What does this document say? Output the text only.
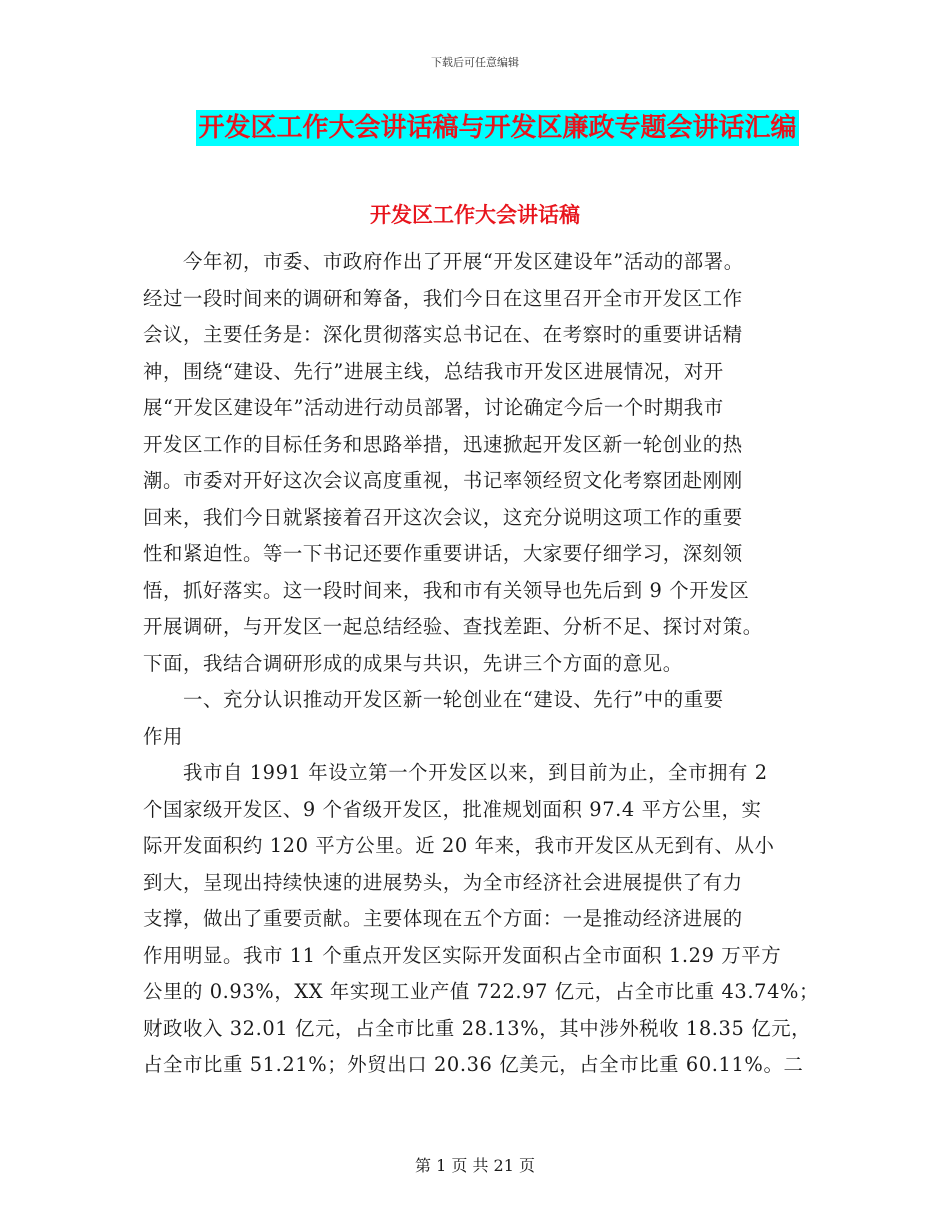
下载后可任意编辑
开发区工作大会讲话稿与开发区廉政专题会讲话汇编
开发区工作大会讲话稿
　　今年初，市委、市政府作出了开展“开发区建设年”活动的部署。
经过一段时间来的调研和筹备，我们今日在这里召开全市开发区工作
会议，主要任务是：深化贯彻落实总书记在、在考察时的重要讲话精
神，围绕“建设、先行”进展主线，总结我市开发区进展情况，对开
展“开发区建设年”活动进行动员部署，讨论确定今后一个时期我市
开发区工作的目标任务和思路举措，迅速掀起开发区新一轮创业的热
潮。市委对开好这次会议高度重视，书记率领经贸文化考察团赴刚刚
回来，我们今日就紧接着召开这次会议，这充分说明这项工作的重要
性和紧迫性。等一下书记还要作重要讲话，大家要仔细学习，深刻领
悟，抓好落实。这一段时间来，我和市有关领导也先后到 9 个开发区
开展调研，与开发区一起总结经验、查找差距、分析不足、探讨对策。
下面，我结合调研形成的成果与共识，先讲三个方面的意见。
　　一、充分认识推动开发区新一轮创业在“建设、先行”中的重要
作用
　　我市自 1991 年设立第一个开发区以来，到目前为止，全市拥有 2
个国家级开发区、9 个省级开发区，批准规划面积 97.4 平方公里，实
际开发面积约 120 平方公里。近 20 年来，我市开发区从无到有、从小
到大，呈现出持续快速的进展势头，为全市经济社会进展提供了有力
支撑，做出了重要贡献。主要体现在五个方面：一是推动经济进展的
作用明显。我市 11 个重点开发区实际开发面积占全市面积 1.29 万平方
公里的 0.93%，XX 年实现工业产值 722.97 亿元，占全市比重 43.74%；
财政收入 32.01 亿元，占全市比重 28.13%，其中涉外税收 18.35 亿元，
占全市比重 51.21%；外贸出口 20.36 亿美元，占全市比重 60.11%。二
第 1 页 共 21 页
